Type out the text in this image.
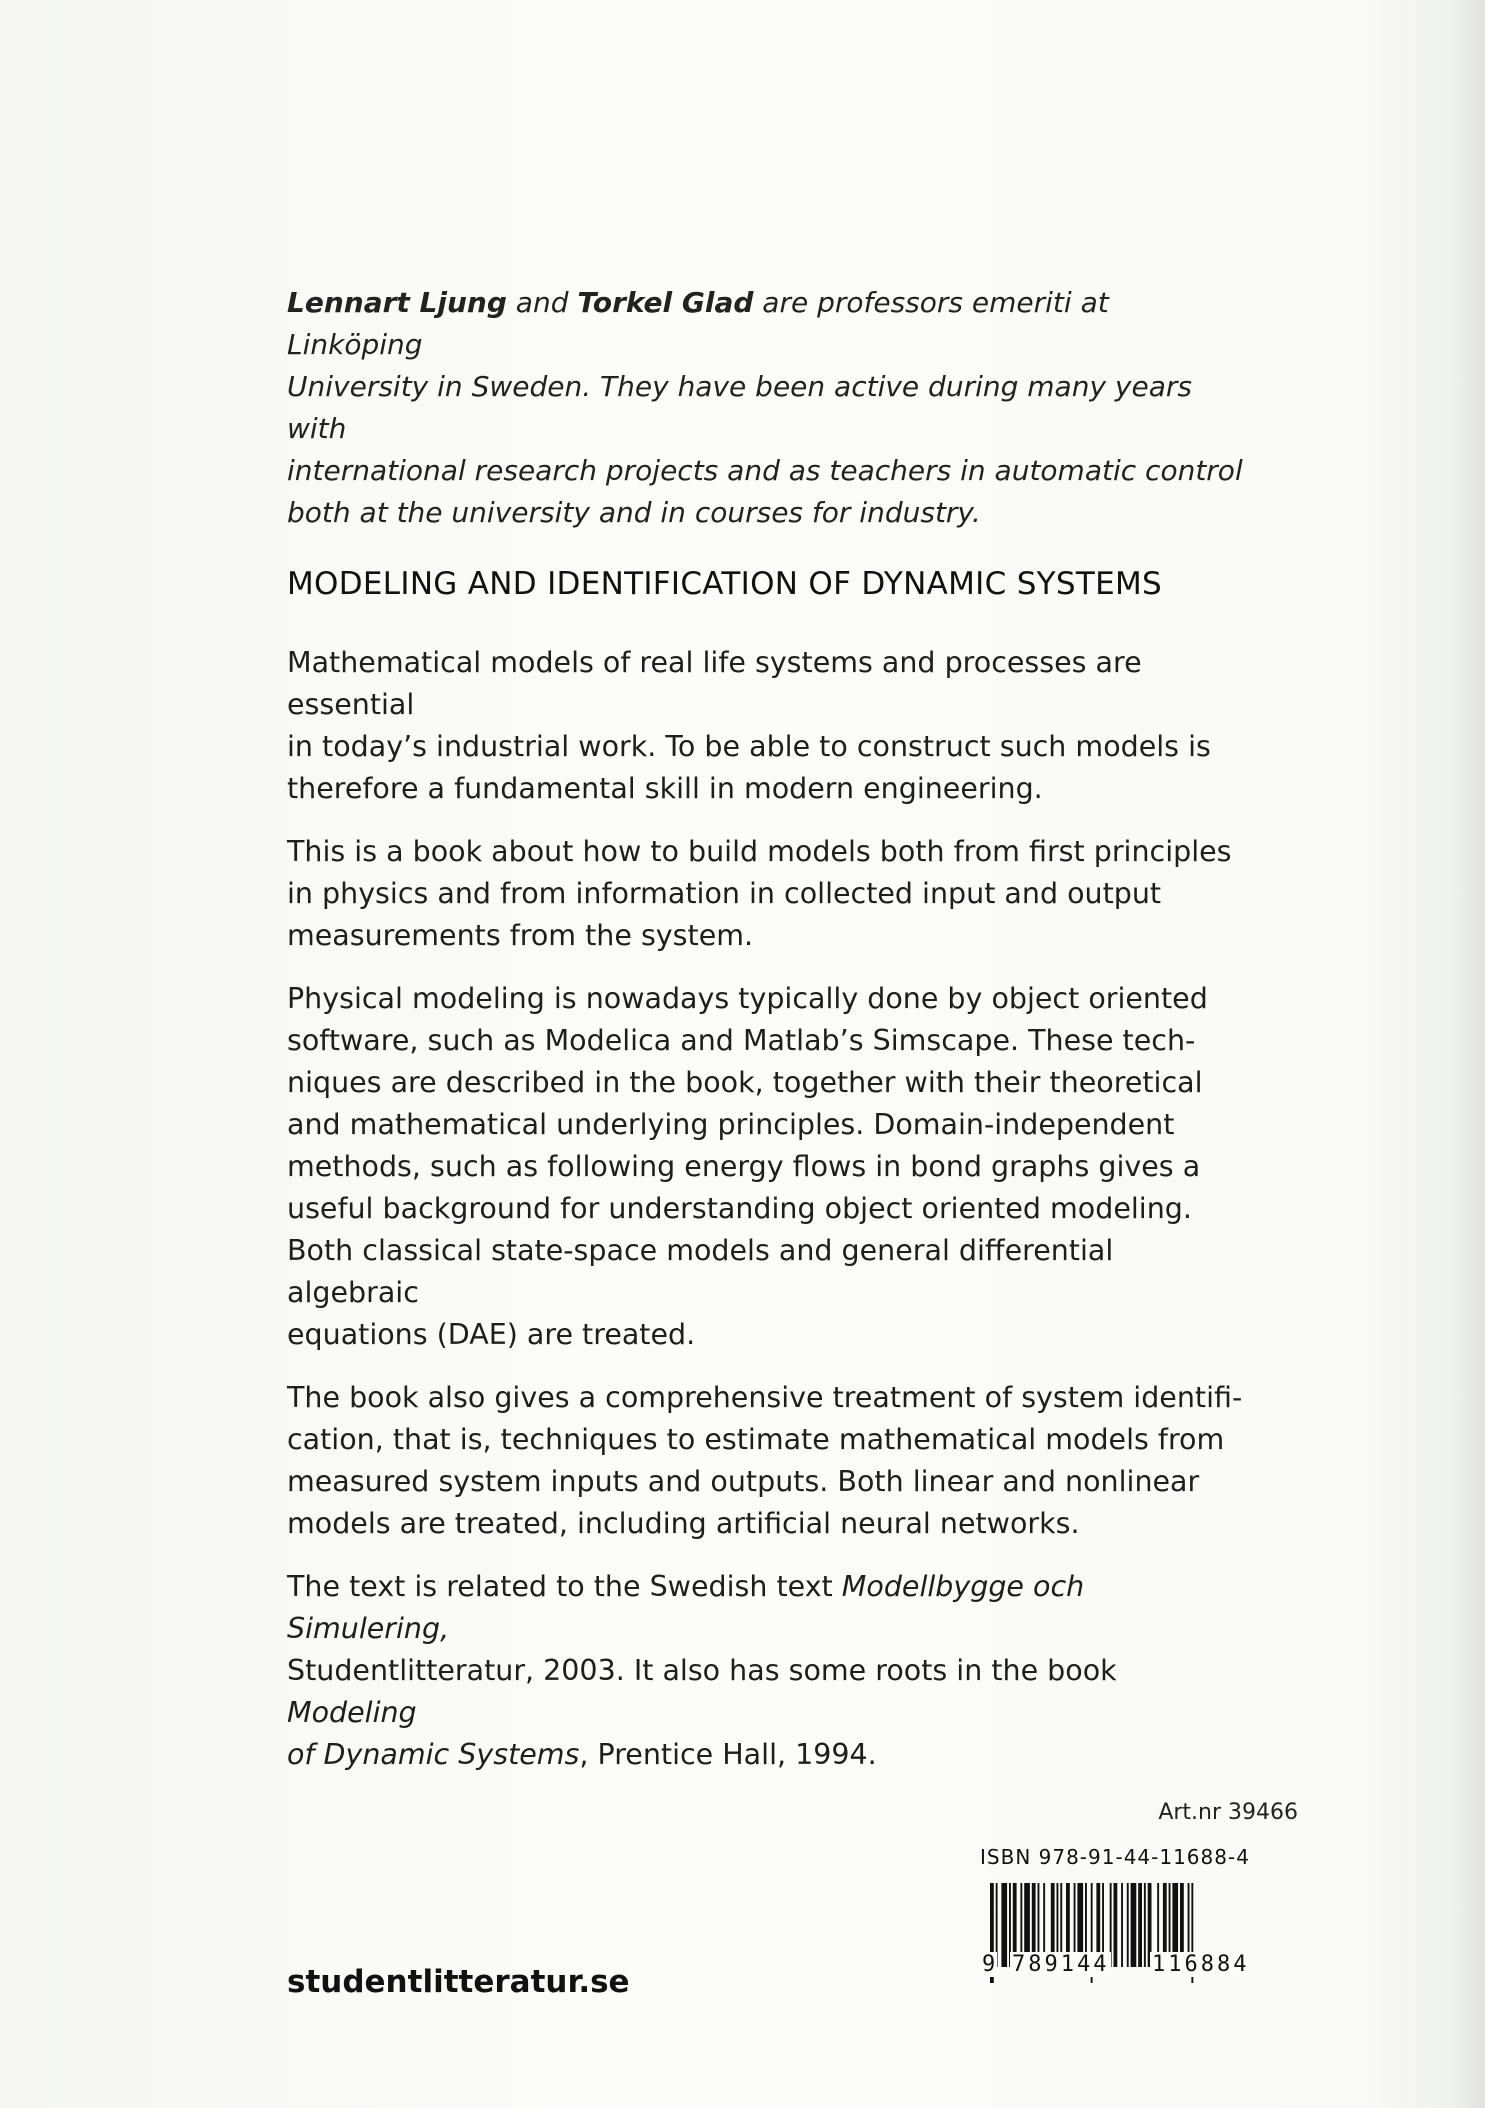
Lennart Ljung and Torkel Glad are professors emeriti at Linköping
University in Sweden. They have been active during many years with
international research projects and as teachers in automatic control
both at the university and in courses for industry.
MODELING AND IDENTIFICATION OF DYNAMIC SYSTEMS

Mathematical models of real life systems and processes are essential
in today’s industrial work. To be able to construct such models is
therefore a fundamental skill in modern engineering.

This is a book about how to build models both from first principles
in physics and from information in collected input and output
measurements from the system.

Physical modeling is nowadays typically done by object oriented
software, such as Modelica and Matlab’s Simscape. These tech-
niques are described in the book, together with their theoretical
and mathematical underlying principles. Domain-independent
methods, such as following energy flows in bond graphs gives a
useful background for understanding object oriented modeling.
Both classical state-space models and general differential algebraic
equations (DAE) are treated.

The book also gives a comprehensive treatment of system identifi-
cation, that is, techniques to estimate mathematical models from
measured system inputs and outputs. Both linear and nonlinear
models are treated, including artificial neural networks.

The text is related to the Swedish text Modellbygge och Simulering,
Studentlitteratur, 2003. It also has some roots in the book Modeling
of Dynamic Systems, Prentice Hall, 1994.

Art.nr 39466
ISBN 978-91-44-11688-4
9 789144 116884
studentlitteratur.se
